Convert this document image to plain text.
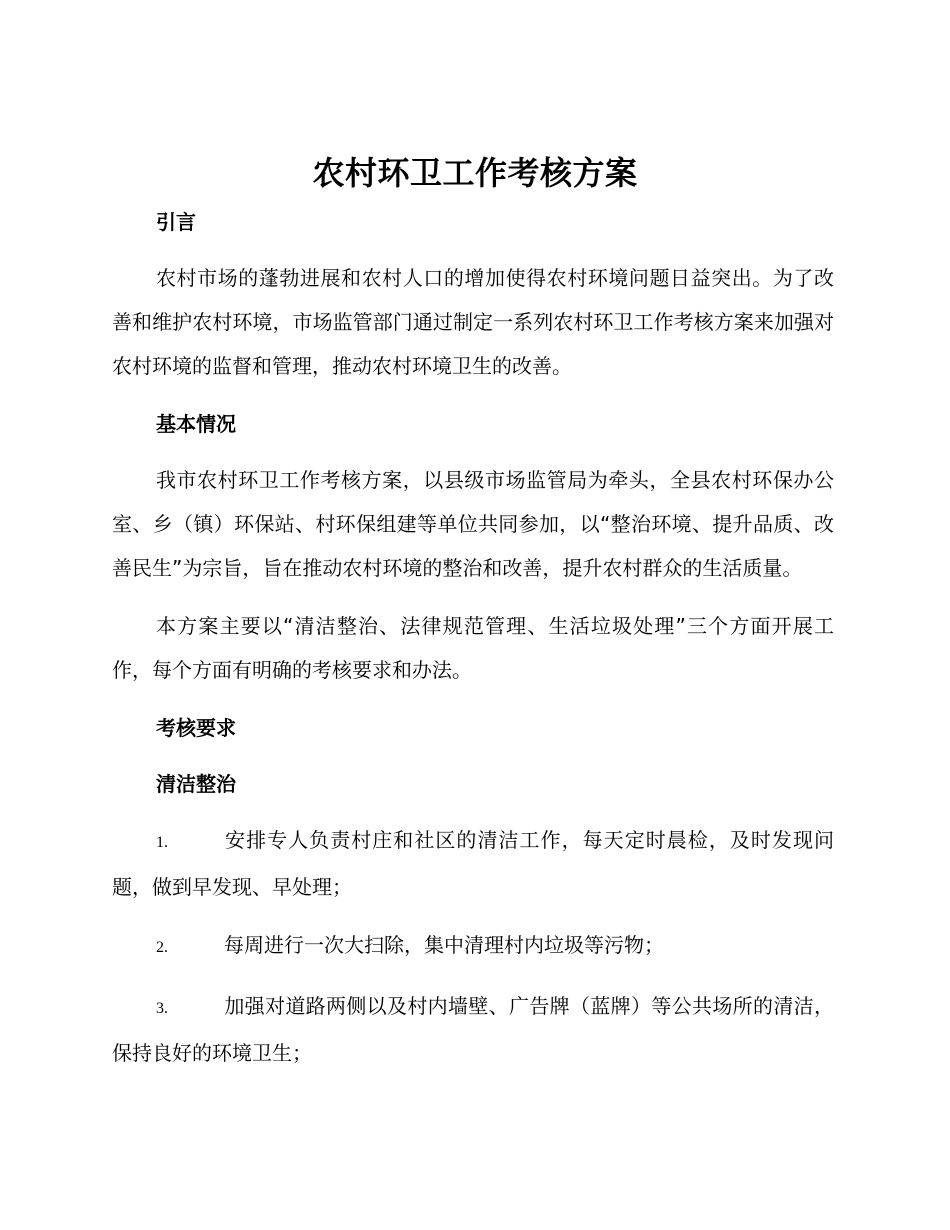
农村环卫工作考核方案
引言
农村市场的蓬勃进展和农村人口的增加使得农村环境问题日益突出。为了改善和维护农村环境，市场监管部门通过制定一系列农村环卫工作考核方案来加强对农村环境的监督和管理，推动农村环境卫生的改善。
基本情况
我市农村环卫工作考核方案，以县级市场监管局为牵头，全县农村环保办公室、乡（镇）环保站、村环保组建等单位共同参加，以“整治环境、提升品质、改善民生”为宗旨，旨在推动农村环境的整治和改善，提升农村群众的生活质量。
本方案主要以“清洁整治、法律规范管理、生活垃圾处理”三个方面开展工作，每个方面有明确的考核要求和办法。
考核要求
清洁整治
1.	安排专人负责村庄和社区的清洁工作，每天定时晨检，及时发现问题，做到早发现、早处理；
2.	每周进行一次大扫除，集中清理村内垃圾等污物；
3.	加强对道路两侧以及村内墙壁、广告牌（蓝牌）等公共场所的清洁，保持良好的环境卫生；
